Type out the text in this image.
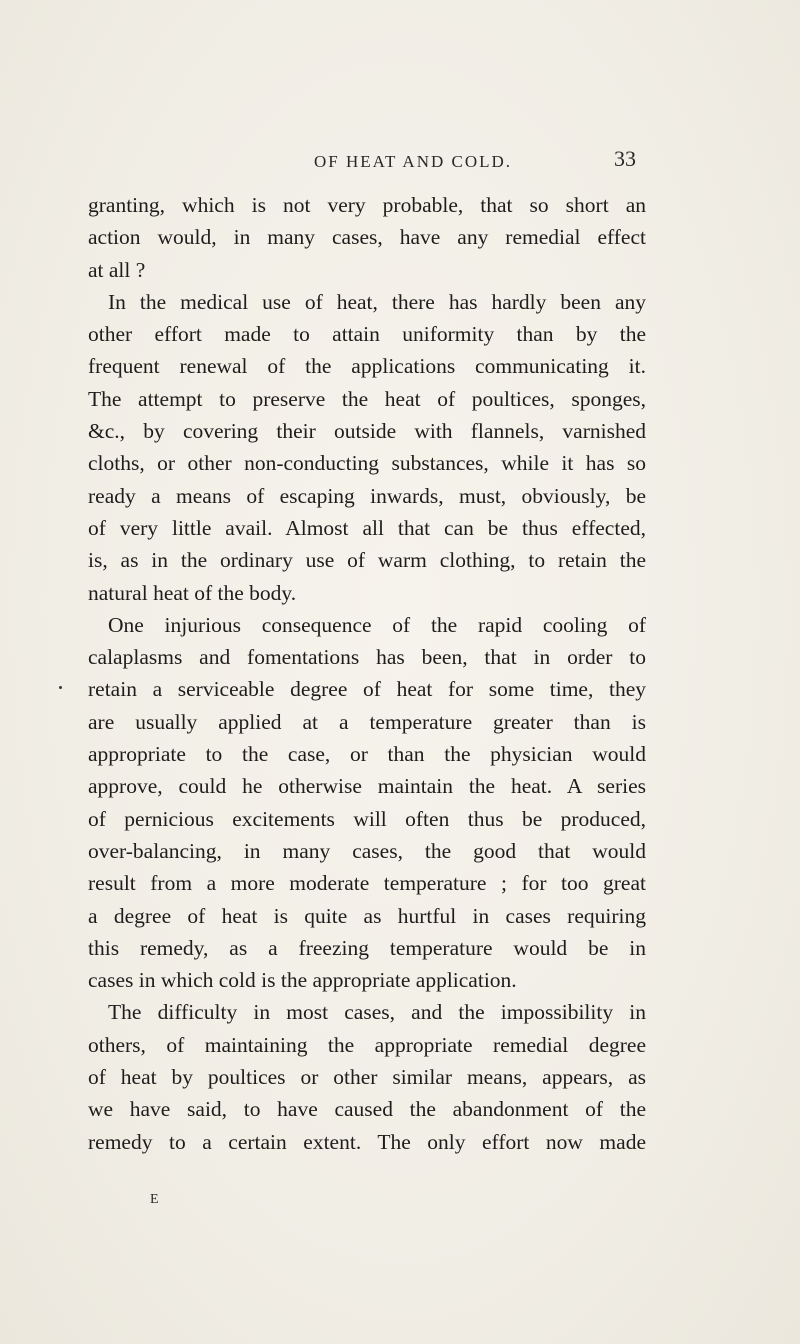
OF HEAT AND COLD.	33
granting, which is not very probable, that so short an
action would, in many cases, have any remedial effect
at all ?
In the medical use of heat, there has hardly been any
other effort made to attain uniformity than by the
frequent renewal of the applications communicating it.
The attempt to preserve the heat of poultices, sponges,
&c., by covering their outside with flannels, varnished
cloths, or other non-conducting substances, while it has so
ready a means of escaping inwards, must, obviously, be
of very little avail. Almost all that can be thus effected,
is, as in the ordinary use of warm clothing, to retain the
natural heat of the body.
One injurious consequence of the rapid cooling of
calaplasms and fomentations has been, that in order to
retain a serviceable degree of heat for some time, they
are usually applied at a temperature greater than is
appropriate to the case, or than the physician would
approve, could he otherwise maintain the heat. A series
of pernicious excitements will often thus be produced,
over-balancing, in many cases, the good that would
result from a more moderate temperature ; for too great
a degree of heat is quite as hurtful in cases requiring
this remedy, as a freezing temperature would be in
cases in which cold is the appropriate application.
The difficulty in most cases, and the impossibility in
others, of maintaining the appropriate remedial degree
of heat by poultices or other similar means, appears, as
we have said, to have caused the abandonment of the
remedy to a certain extent. The only effort now made
E
